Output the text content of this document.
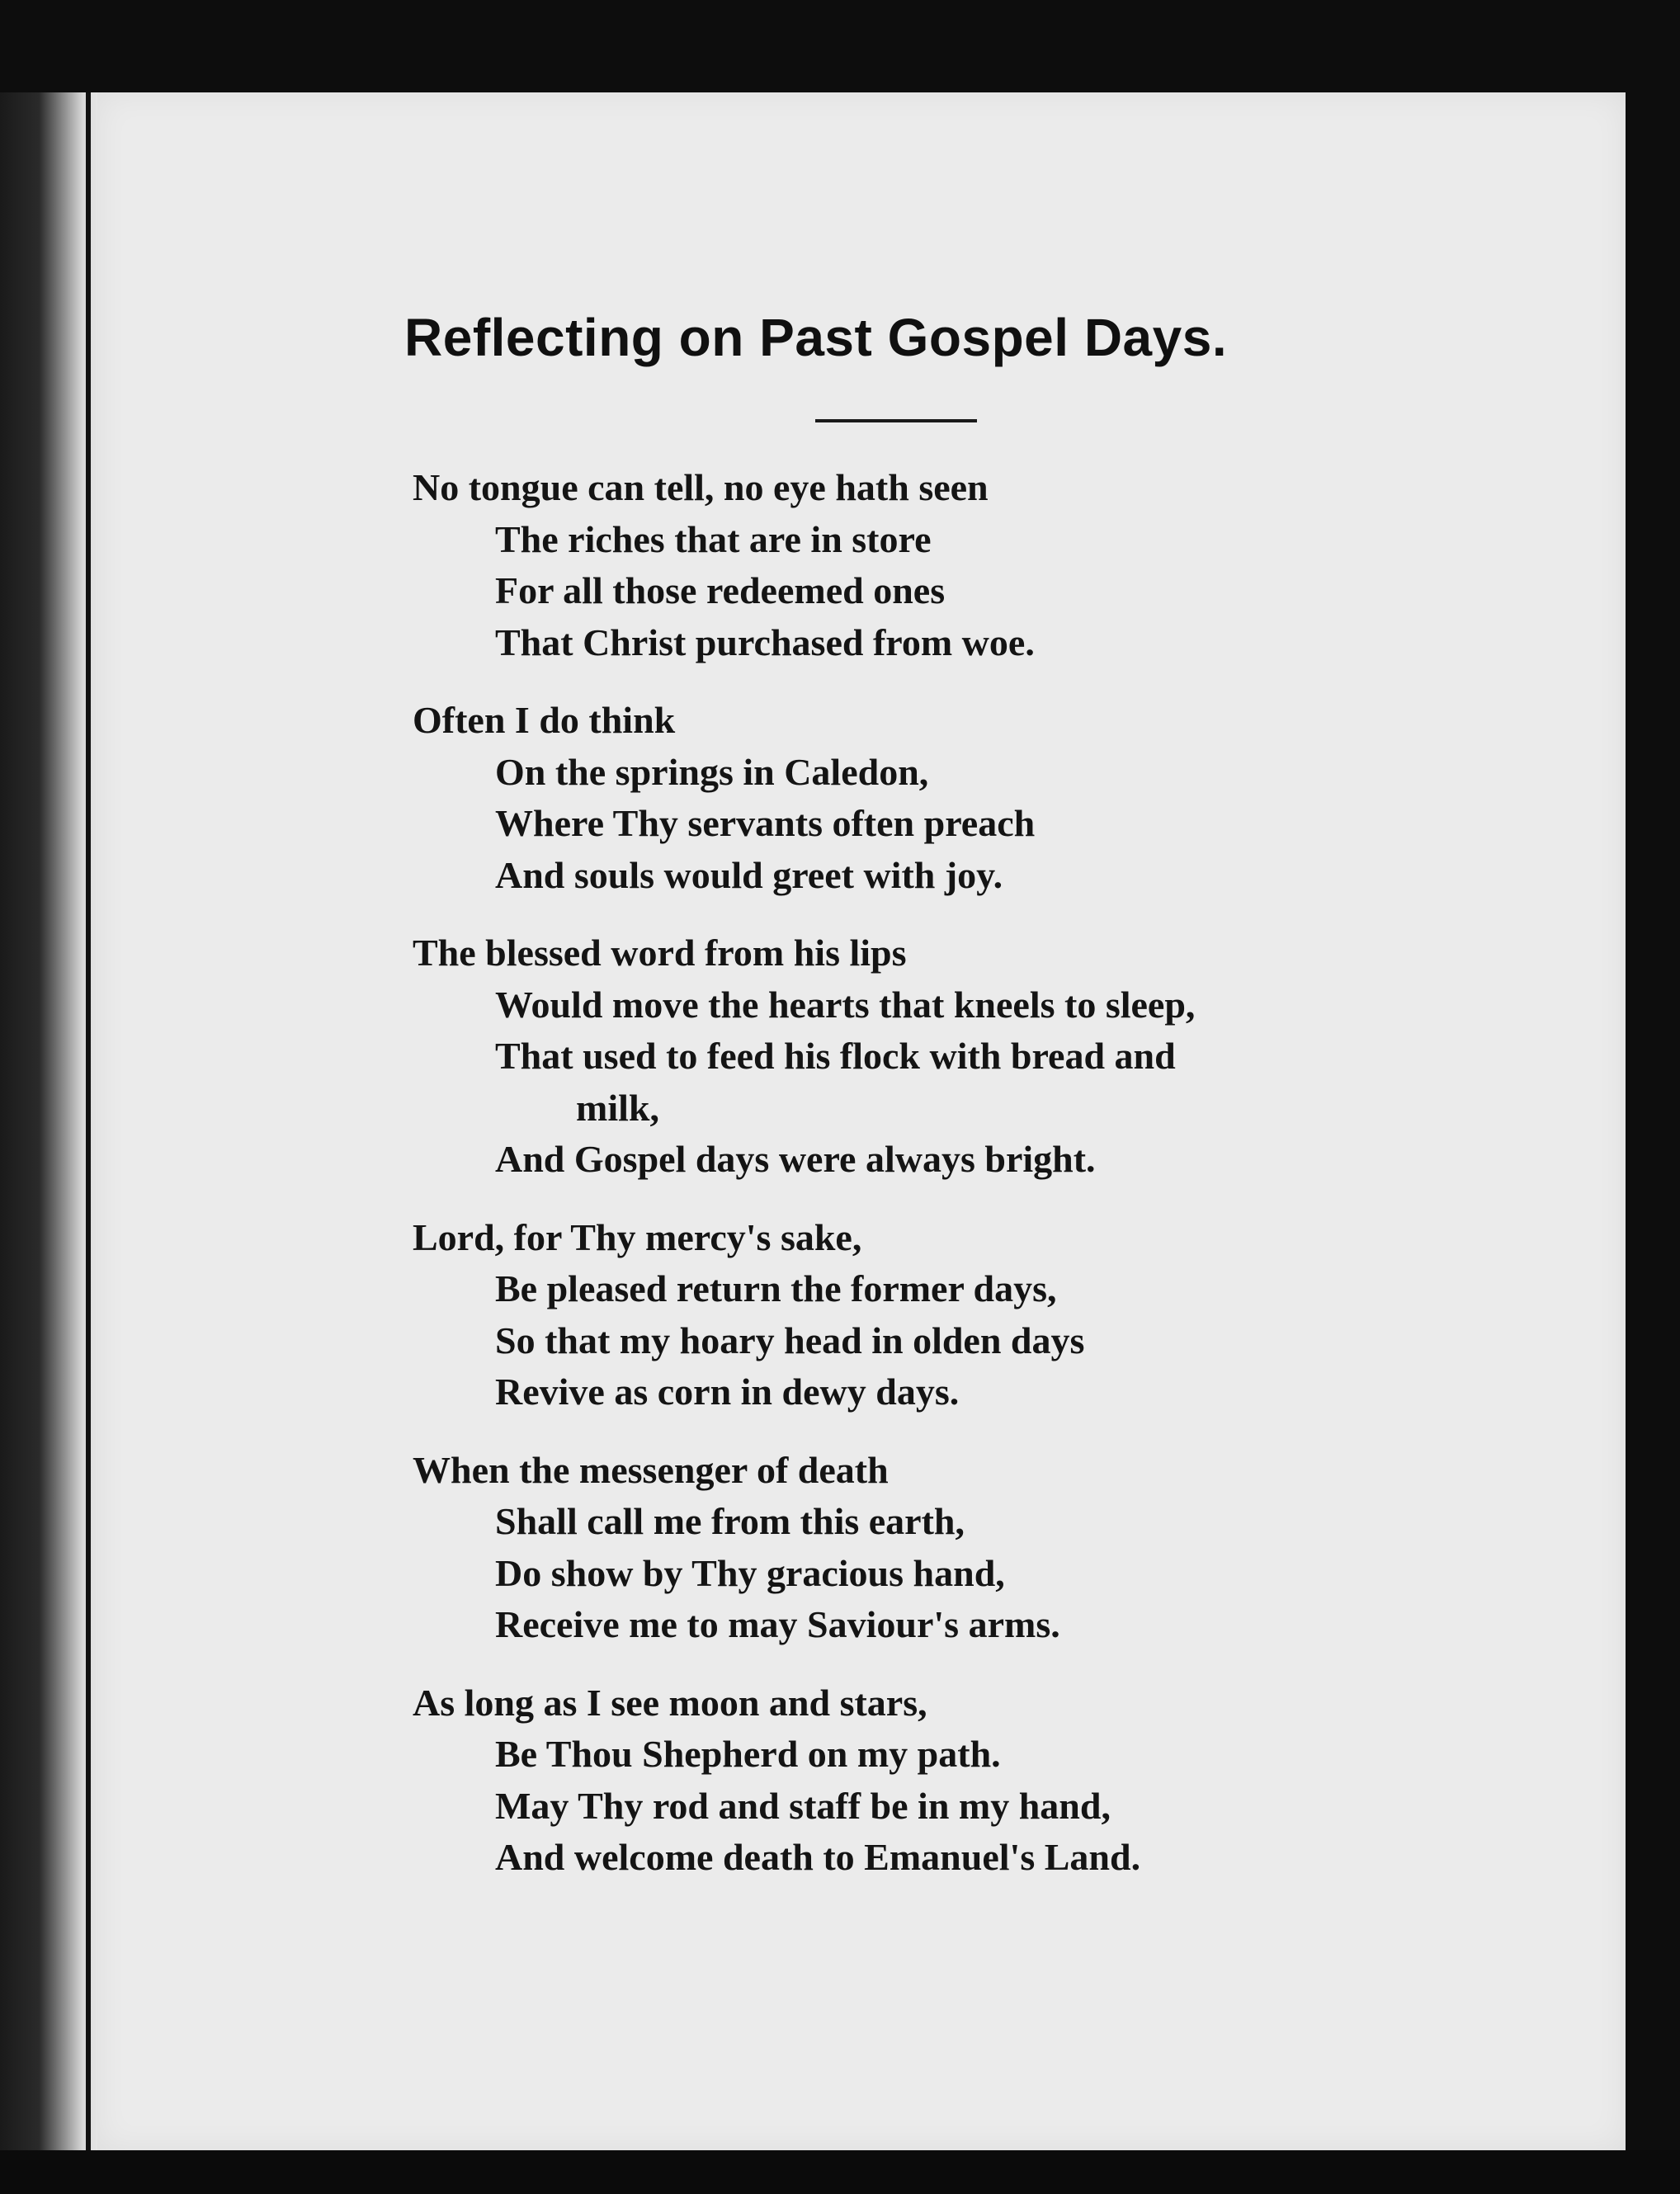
Reflecting on Past Gospel Days.
No tongue can tell, no eye hath seen
The riches that are in store
For all those redeemed ones
That Christ purchased from woe.
Often I do think
On the springs in Caledon,
Where Thy servants often preach
And souls would greet with joy.
The blessed word from his lips
Would move the hearts that kneels to sleep,
That used to feed his flock with bread and
milk,
And Gospel days were always bright.
Lord, for Thy mercy's sake,
Be pleased return the former days,
So that my hoary head in olden days
Revive as corn in dewy days.
When the messenger of death
Shall call me from this earth,
Do show by Thy gracious hand,
Receive me to may Saviour's arms.
As long as I see moon and stars,
Be Thou Shepherd on my path.
May Thy rod and staff be in my hand,
And welcome death to Emanuel's Land.
